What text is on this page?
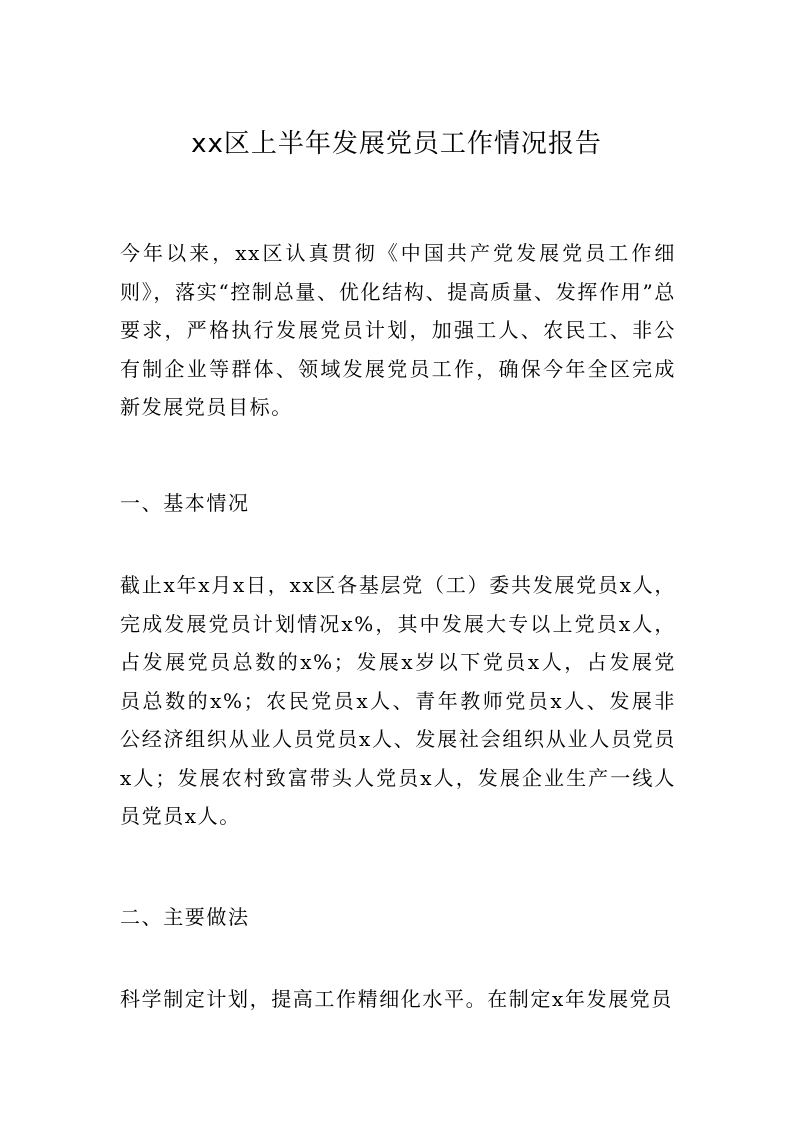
xx区上半年发展党员工作情况报告

今年以来，xx区认真贯彻《中国共产党发展党员工作细则》，落实“控制总量、优化结构、提高质量、发挥作用”总要求，严格执行发展党员计划，加强工人、农民工、非公有制企业等群体、领域发展党员工作，确保今年全区完成新发展党员目标。

一、基本情况

截止x年x月x日，xx区各基层党（工）委共发展党员x人，完成发展党员计划情况x%，其中发展大专以上党员x人，占发展党员总数的x%；发展x岁以下党员x人，占发展党员总数的x%；农民党员x人、青年教师党员x人、发展非公经济组织从业人员党员x人、发展社会组织从业人员党员x人；发展农村致富带头人党员x人，发展企业生产一线人员党员x人。

二、主要做法

科学制定计划，提高工作精细化水平。在制定x年发展党员
